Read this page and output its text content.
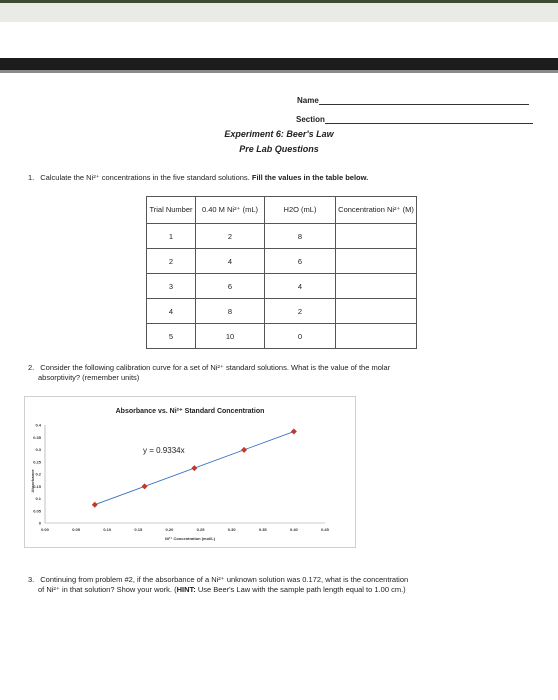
Name
Section
Experiment 6: Beer's Law
Pre Lab Questions
1. Calculate the Ni²⁺ concentrations in the five standard solutions. Fill the values in the table below.
Trial Number	0.40 M Ni²⁺ (mL)	H2O (mL)	Concentration Ni²⁺ (M)
1	2	8	
2	4	6	
3	6	4	
4	8	2	
5	10	0	
2. Consider the following calibration curve for a set of Ni²⁺ standard solutions. What is the value of the molar
absorptivity? (remember units)
Absorbance vs. Ni²⁺ Standard Concentration
y = 0.9334x
Ni²⁺ Concentration (mol/L)
Absorbance
0
0.05
0.1
0.15
0.2
0.25
0.3
0.35
0.4
0.00	0.05	0.10	0.15	0.20	0.25	0.30	0.35	0.40	0.45
3. Continuing from problem #2, if the absorbance of a Ni²⁺ unknown solution was 0.172, what is the concentration
of Ni²⁺ in that solution? Show your work. (HINT: Use Beer's Law with the sample path length equal to 1.00 cm.)
